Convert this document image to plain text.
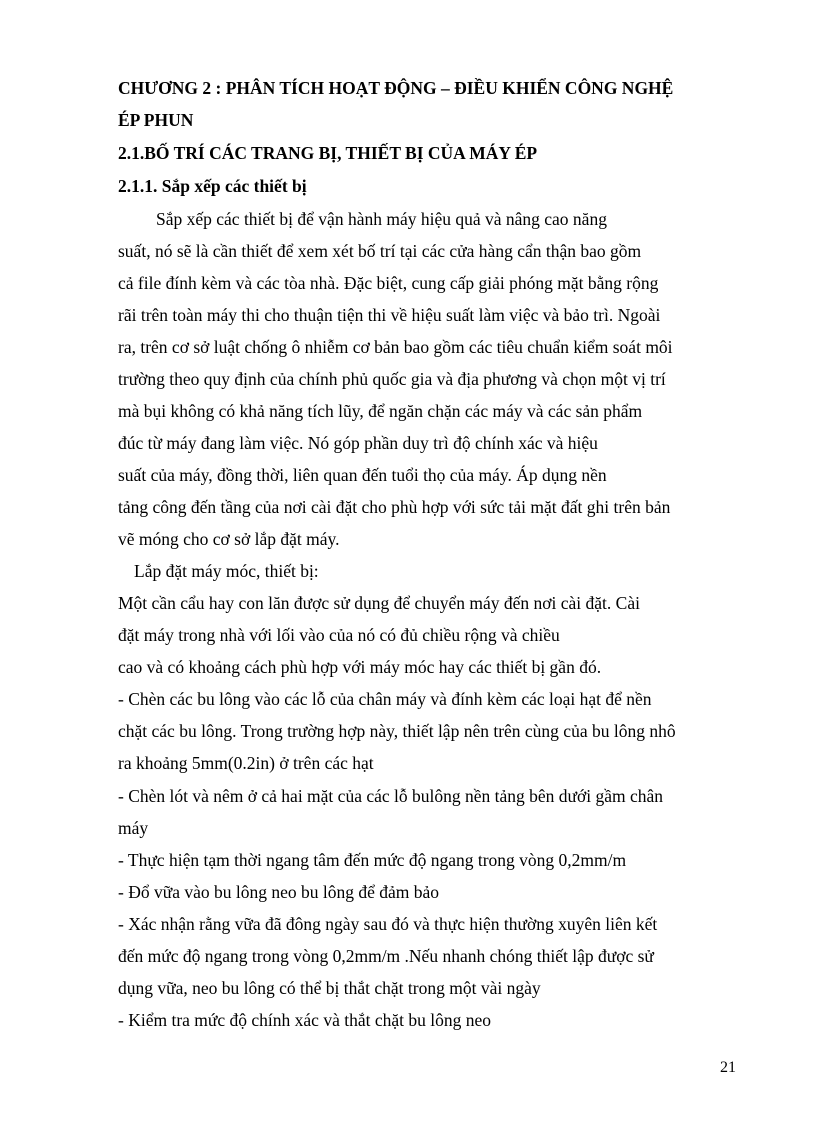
CHƯƠNG 2 : PHÂN TÍCH HOẠT ĐỘNG – ĐIỀU KHIỂN CÔNG NGHỆ
ÉP PHUN
2.1.BỐ TRÍ CÁC TRANG BỊ, THIẾT BỊ CỦA MÁY ÉP
2.1.1. Sắp xếp các thiết bị
Sắp xếp các thiết bị để vận hành máy hiệu quả và nâng cao năng
suất, nó sẽ là cần thiết để xem xét bố trí tại các cửa hàng cẩn thận bao gồm
cả file đính kèm và các tòa nhà. Đặc biệt, cung cấp giải phóng mặt bằng rộng
rãi trên toàn máy thi cho thuận tiện thi về hiệu suất làm việc và bảo trì. Ngoài
ra, trên cơ sở luật chống ô nhiễm cơ bản bao gồm các tiêu chuẩn kiểm soát môi
trường theo quy định của chính phủ quốc gia và địa phương và chọn một vị trí
mà bụi không có khả năng tích lũy, để ngăn chặn các máy và các sản phẩm
đúc từ máy đang làm việc. Nó góp phần duy trì độ chính xác và hiệu
suất của máy, đồng thời, liên quan đến tuổi thọ của máy. Áp dụng nền
tảng công đến tầng của nơi cài đặt cho phù hợp với sức tải mặt đất ghi trên bản
vẽ móng cho cơ sở lắp đặt máy.
Lắp đặt máy móc, thiết bị:
Một cần cẩu hay con lăn được sử dụng để chuyển máy đến nơi cài đặt. Cài
đặt máy trong nhà với lối vào của nó có đủ chiều rộng và chiều
cao và có khoảng cách phù hợp với máy móc hay các thiết bị gần đó.
- Chèn các bu lông vào các lỗ của chân máy và đính kèm các loại hạt để nền
chặt các bu lông. Trong trường hợp này, thiết lập nên trên cùng của bu lông nhô
ra khoảng 5mm(0.2in) ở trên các hạt
- Chèn lót và nêm ở cả hai mặt của các lỗ bulông nền tảng bên dưới gầm chân
máy
- Thực hiện tạm thời ngang tâm đến mức độ ngang trong vòng 0,2mm/m
- Đổ vữa vào bu lông neo bu lông để đảm bảo
- Xác nhận rằng vữa đã đông ngày sau đó và thực hiện thường xuyên liên kết
đến mức độ ngang trong vòng 0,2mm/m .Nếu nhanh chóng thiết lập được sử
dụng vữa, neo bu lông có thể bị thắt chặt trong một vài ngày
- Kiểm tra mức độ chính xác và thắt chặt bu lông neo
21
